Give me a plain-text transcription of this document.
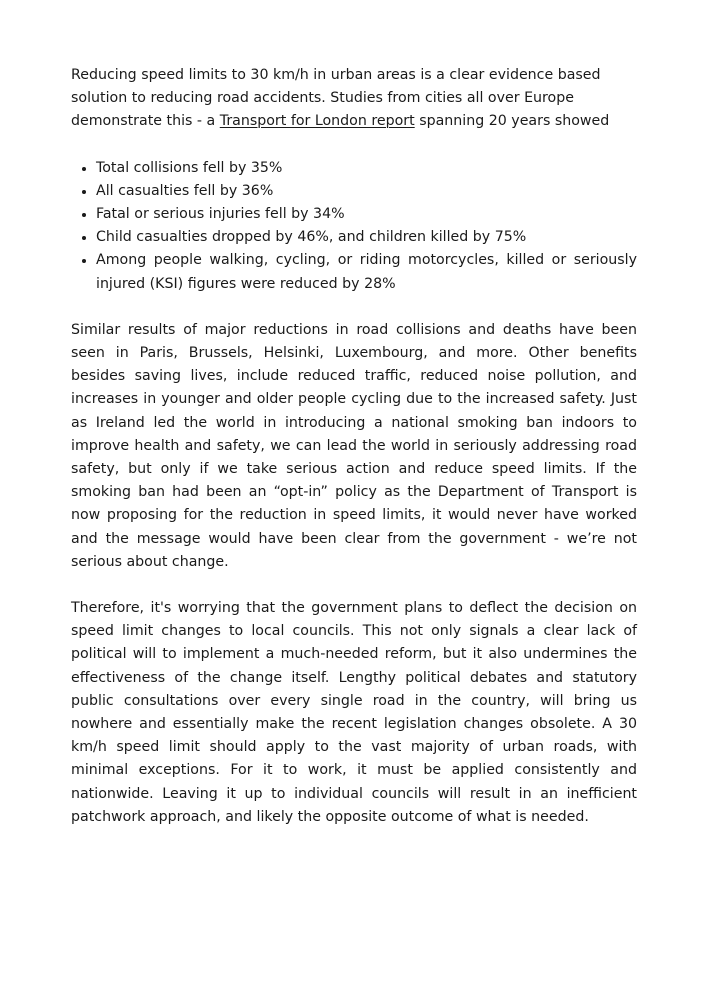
Reducing speed limits to 30 km/h in urban areas is a clear evidence based solution to reducing road accidents. Studies from cities all over Europe demonstrate this - a Transport for London report spanning 20 years showed

Total collisions fell by 35%
All casualties fell by 36%
Fatal or serious injuries fell by 34%
Child casualties dropped by 46%, and children killed by 75%
Among people walking, cycling, or riding motorcycles, killed or seriously injured (KSI) figures were reduced by 28%

Similar results of major reductions in road collisions and deaths have been seen in Paris, Brussels, Helsinki, Luxembourg, and more. Other benefits besides saving lives, include reduced traffic, reduced noise pollution, and increases in younger and older people cycling due to the increased safety. Just as Ireland led the world in introducing a national smoking ban indoors to improve health and safety, we can lead the world in seriously addressing road safety, but only if we take serious action and reduce speed limits. If the smoking ban had been an “opt-in” policy as the Department of Transport is now proposing for the reduction in speed limits, it would never have worked and the message would have been clear from the government - we’re not serious about change.

Therefore, it's worrying that the government plans to deflect the decision on speed limit changes to local councils. This not only signals a clear lack of political will to implement a much-needed reform, but it also undermines the effectiveness of the change itself. Lengthy political debates and statutory public consultations over every single road in the country, will bring us nowhere and essentially make the recent legislation changes obsolete. A 30 km/h speed limit should apply to the vast majority of urban roads, with minimal exceptions. For it to work, it must be applied consistently and nationwide. Leaving it up to individual councils will result in an inefficient patchwork approach, and likely the opposite outcome of what is needed.
